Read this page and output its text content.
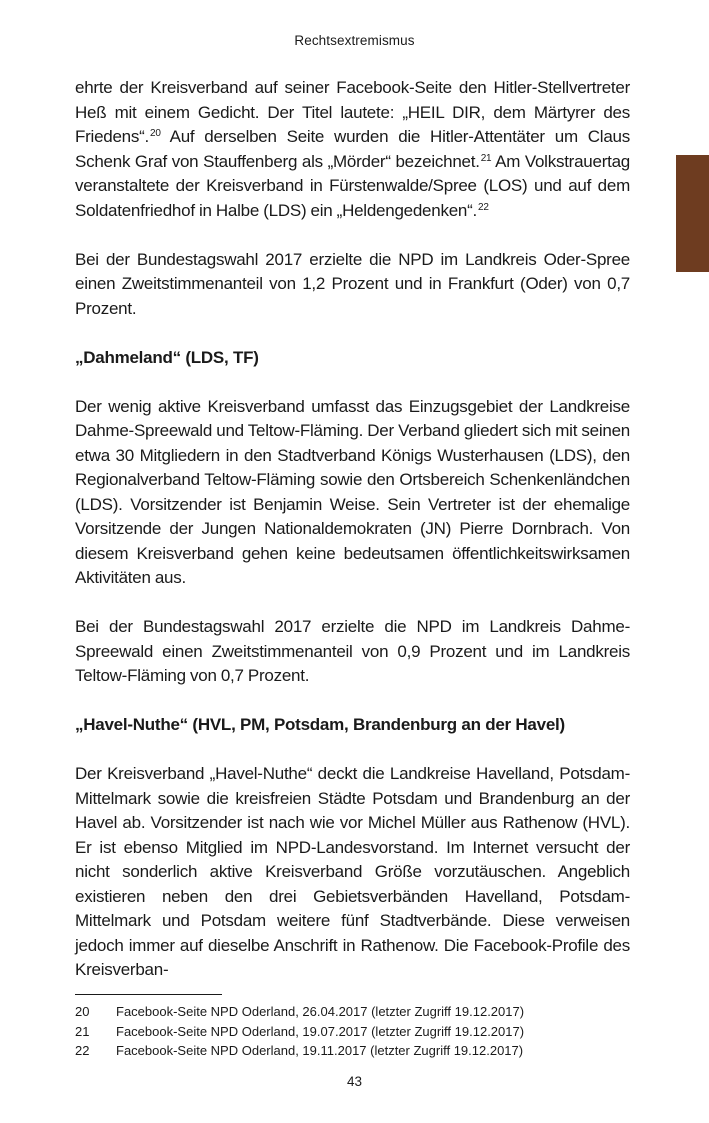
Rechtsextremismus

ehrte der Kreisverband auf seiner Facebook-Seite den Hitler-Stellvertreter Heß mit einem Gedicht. Der Titel lautete: „HEIL DIR, dem Märtyrer des Friedens“.$^{20}$ Auf derselben Seite wurden die Hitler-Attentäter um Claus Schenk Graf von Stauffenberg als „Mörder“ bezeichnet.$^{21}$ Am Volkstrauertag veranstaltete der Kreisverband in Fürstenwalde/Spree (LOS) und auf dem Soldatenfriedhof in Halbe (LDS) ein „Heldengedenken“.$^{22}$

Bei der Bundestagswahl 2017 erzielte die NPD im Landkreis Oder-Spree einen Zweitstimmenanteil von 1,2 Prozent und in Frankfurt (Oder) von 0,7 Prozent.

„Dahmeland“ (LDS, TF)

Der wenig aktive Kreisverband umfasst das Einzugsgebiet der Landkreise Dahme-Spreewald und Teltow-Fläming. Der Verband gliedert sich mit seinen etwa 30 Mitgliedern in den Stadtverband Königs Wusterhausen (LDS), den Regionalverband Teltow-Fläming sowie den Ortsbereich Schenkenländchen (LDS). Vorsitzender ist Benjamin Weise. Sein Vertreter ist der ehemalige Vorsitzende der Jungen Nationaldemokraten (JN) Pierre Dornbrach. Von diesem Kreisverband gehen keine bedeutsamen öffentlichkeitswirksamen Aktivitäten aus.

Bei der Bundestagswahl 2017 erzielte die NPD im Landkreis Dahme-Spreewald einen Zweitstimmenanteil von 0,9 Prozent und im Landkreis Teltow-Fläming von 0,7 Prozent.

„Havel-Nuthe“ (HVL, PM, Potsdam, Brandenburg an der Havel)

Der Kreisverband „Havel-Nuthe“ deckt die Landkreise Havelland, Potsdam-Mittelmark sowie die kreisfreien Städte Potsdam und Brandenburg an der Havel ab. Vorsitzender ist nach wie vor Michel Müller aus Rathenow (HVL). Er ist ebenso Mitglied im NPD-Landesvorstand. Im Internet versucht der nicht sonderlich aktive Kreisverband Größe vorzutäuschen. Angeblich existieren neben den drei Gebietsverbänden Havelland, Potsdam-Mittelmark und Potsdam weitere fünf Stadtverbände. Diese verweisen jedoch immer auf dieselbe Anschrift in Rathenow. Die Facebook-Profile des Kreisverban-

20	Facebook-Seite NPD Oderland, 26.04.2017 (letzter Zugriff 19.12.2017)
21	Facebook-Seite NPD Oderland, 19.07.2017 (letzter Zugriff 19.12.2017)
22	Facebook-Seite NPD Oderland, 19.11.2017 (letzter Zugriff 19.12.2017)
43
